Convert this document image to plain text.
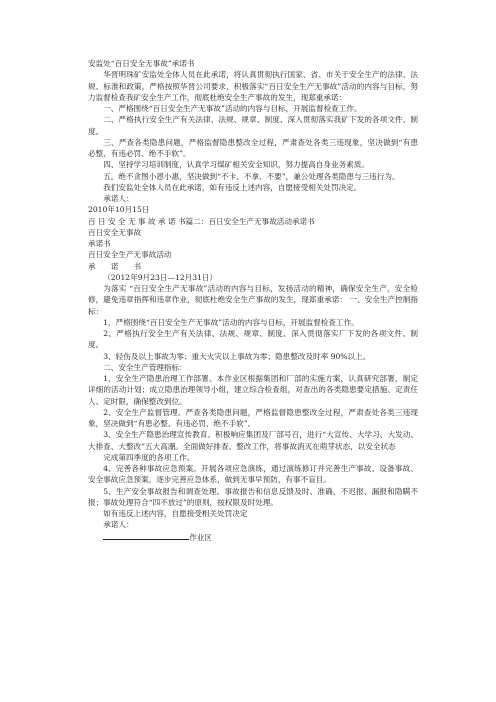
安监处“百日安全无事故”承诺书

华晋明珠矿安监处全体人员在此承诺，将认真贯彻执行国家、省、市关于安全生产的法律、法规、标准和政策，严格按照华晋公司要求，积极落实“百日安全生产无事故”活动的内容与目标，努力监督检查我矿安全生产工作，彻底杜绝安全生产事故的发生，现郑重承诺：

一、严格围绕“百日安全生产无事故”活动的内容与目标，开展监督检查工作。

二、严格执行安全生产有关法律、法规、规章、制度、深入贯彻落实我矿下发的各项文件、制度。

三、严查各类隐患问题，严格监督隐患整改全过程，严肃查处各类三违现象，坚决做到“有患必整、有违必罚、绝不手软”。

四、坚持学习培训制度，认真学习煤矿相关安全知识，努力提高自身业务素质。

五，绝不贪图小恩小惠，坚决做到“不卡、不拿、不要”，兼公处理各类隐患与三违行为。

我们安监处全体人员在此承诺，如有违反上述内容，自愿接受相关处罚决定。

承诺人：

2010年10月15日

百 日 安 全 无 事 故 承 诺 书篇二：百日安全生产无事故活动承诺书

百日安全无事故

承诺书

百日安全生产无事故活动

承　　诺　　书

（2012年9月23日—12月31日）

为落实 “百日安全生产无事故”活动的内容与目标，发扬活动的精神，确保安全生产，安全检修，避免违章指挥和违章作业，彻底杜绝安全生产事故的发生，现郑重承诺： 一、安全生产控制指标：

1、严格围绕“百日安全生产无事故”活动的内容与目标，开展监督检查工作。

2、严格执行安全生产有关法律、法规、规章、制度、深入贯彻落实厂下发的各项文件、制度。

3、轻伤及以上事故为零；重大火灾以上事故为零；隐患整改及时率 90%以上。

二、安全生产管理指标：

1、安全生产隐患治理工作部署。本作业区根据集团和厂部的实施方案，认真研究部署，制定详细的活动计划；成立隐患治理领导小组，建立综合检查组，对查出的各类隐患要定措施、定责任人、定时限，确保整改到位。

2、安全生产监督管理。严查各类隐患问题，严格监督隐患整改全过程，严肃查处各类三违现象，坚决做到“有患必整、有违必罚、绝不手软”。

3、安全生产隐患治理宣传教育。积极响应集团及厂部号召，进行“大宣传、大学习、大发动、大排查、大整改”五大高潮。全面做好排查、整改工作，将事故消灭在萌芽状态，以安全状态

完成第四季度的各项工作。

4、完善各种事故应急预案。开展各项应急演练，通过演练修订并完善生产事故、设备事故、安全事故应急预案，逐步完善应急体系，做到无事早预防，有事不盲目。

5、生产安全事故报告和调查处理。事故报告和信息反馈及时、准确，不迟报、漏报和隐瞒不报；事故处理符合“四不放过”的原则，按权限及时处理。

如有违反上述内容，自愿接受相关处罚决定

承诺人：

作业区
